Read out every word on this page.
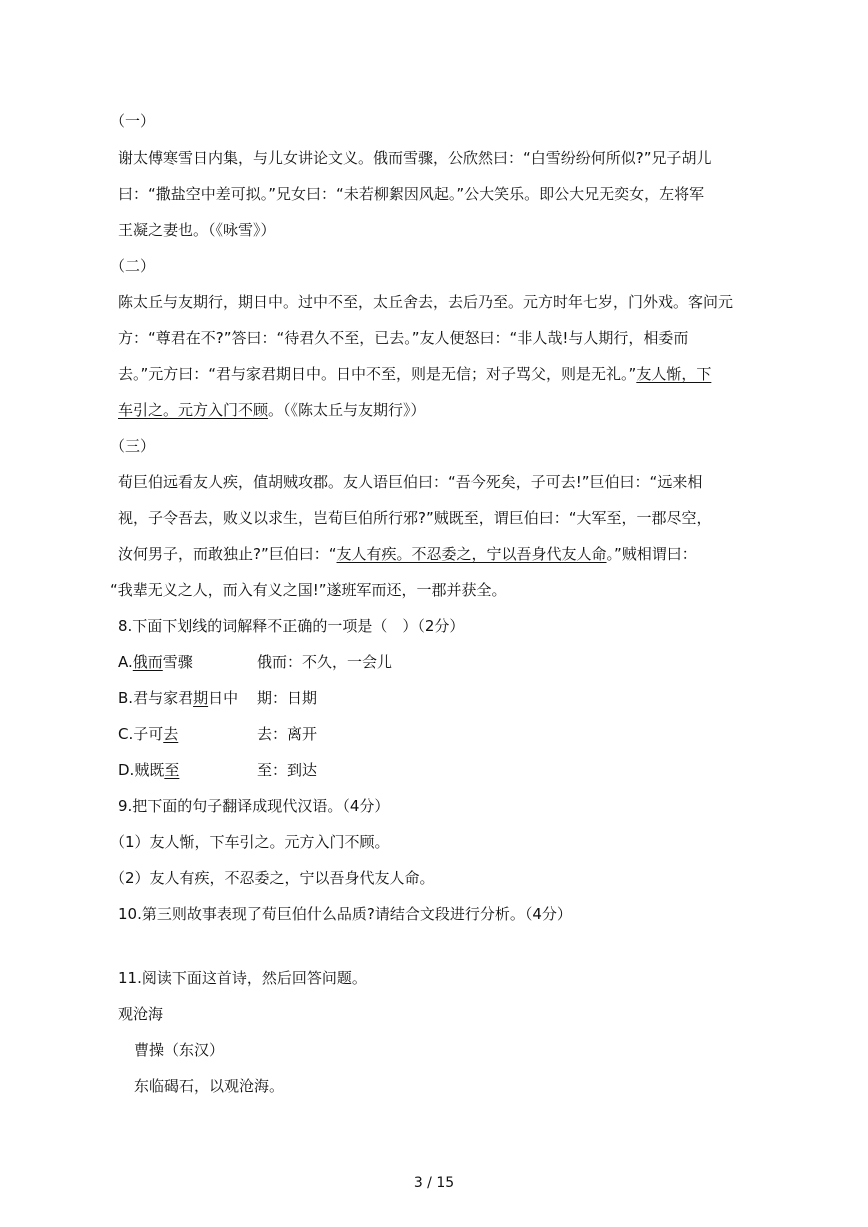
（一）
谢太傅寒雪日内集，与儿女讲论文义。俄而雪骤，公欣然曰：“白雪纷纷何所似?”兄子胡儿
曰：“撒盐空中差可拟。”兄女曰：“未若柳絮因风起。”公大笑乐。即公大兄无奕女，左将军
王凝之妻也。（《咏雪》）
（二）
陈太丘与友期行，期日中。过中不至，太丘舍去，去后乃至。元方时年七岁，门外戏。客问元
方：“尊君在不?”答曰：“待君久不至，已去。”友人便怒曰：“非人哉!与人期行，相委而
去。”元方曰：“君与家君期日中。日中不至，则是无信；对子骂父，则是无礼。”友人惭，下
车引之。元方入门不顾。（《陈太丘与友期行》）
（三）
荀巨伯远看友人疾，值胡贼攻郡。友人语巨伯曰：“吾今死矣，子可去!”巨伯曰：“远来相
视，子令吾去，败义以求生，岂荀巨伯所行邪?”贼既至，谓巨伯曰：“大军至，一郡尽空，
汝何男子，而敢独止?”巨伯曰：“友人有疾。不忍委之，宁以吾身代友人命。”贼相谓曰：
“我辈无义之人，而入有义之国!”遂班军而还，一郡并获全。
8.下面下划线的词解释不正确的一项是（　）（2分）
A.俄而雪骤	俄而：不久，一会儿
B.君与家君期日中 期：日期
C.子可去	去：离开
D.贼既至	至：到达
9.把下面的句子翻译成现代汉语。（4分）
（1）友人惭，下车引之。元方入门不顾。
（2）友人有疾，不忍委之，宁以吾身代友人命。
10.第三则故事表现了荀巨伯什么品质?请结合文段进行分析。（4分）
11.阅读下面这首诗，然后回答问题。
观沧海
曹操（东汉）
东临碣石，以观沧海。
3 / 15
